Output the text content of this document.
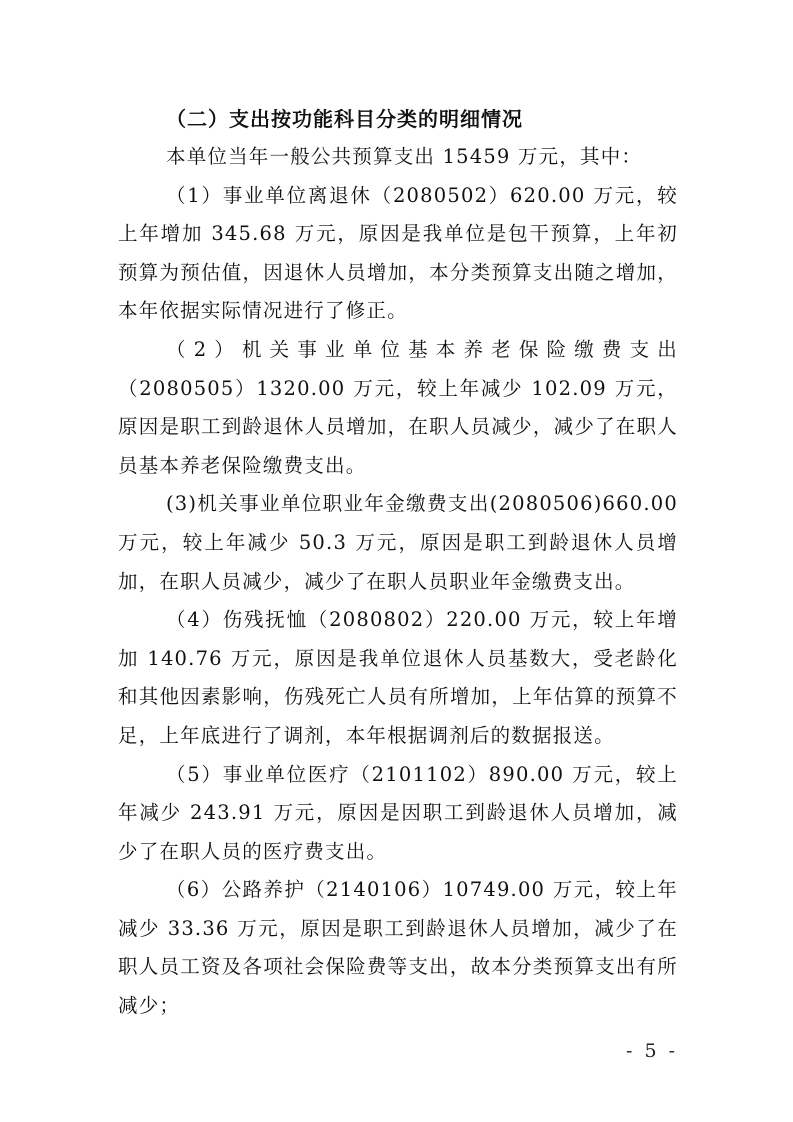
（二）支出按功能科目分类的明细情况

本单位当年一般公共预算支出 15459 万元，其中：

（1）事业单位离退休（2080502）620.00 万元，较上年增加 345.68 万元，原因是我单位是包干预算，上年初预算为预估值，因退休人员增加，本分类预算支出随之增加，本年依据实际情况进行了修正。

（2）机关事业单位基本养老保险缴费支出（2080505）1320.00 万元，较上年减少 102.09 万元，原因是职工到龄退休人员增加，在职人员减少，减少了在职人员基本养老保险缴费支出。

(3)机关事业单位职业年金缴费支出(2080506)660.00 万元，较上年减少 50.3 万元，原因是职工到龄退休人员增加，在职人员减少，减少了在职人员职业年金缴费支出。

（4）伤残抚恤（2080802）220.00 万元，较上年增加 140.76 万元，原因是我单位退休人员基数大，受老龄化和其他因素影响，伤残死亡人员有所增加，上年估算的预算不足，上年底进行了调剂，本年根据调剂后的数据报送。

（5）事业单位医疗（2101102）890.00 万元，较上年减少 243.91 万元，原因是因职工到龄退休人员增加，减少了在职人员的医疗费支出。

（6）公路养护（2140106）10749.00 万元，较上年减少 33.36 万元，原因是职工到龄退休人员增加，减少了在职人员工资及各项社会保险费等支出，故本分类预算支出有所减少；

- 5 -
